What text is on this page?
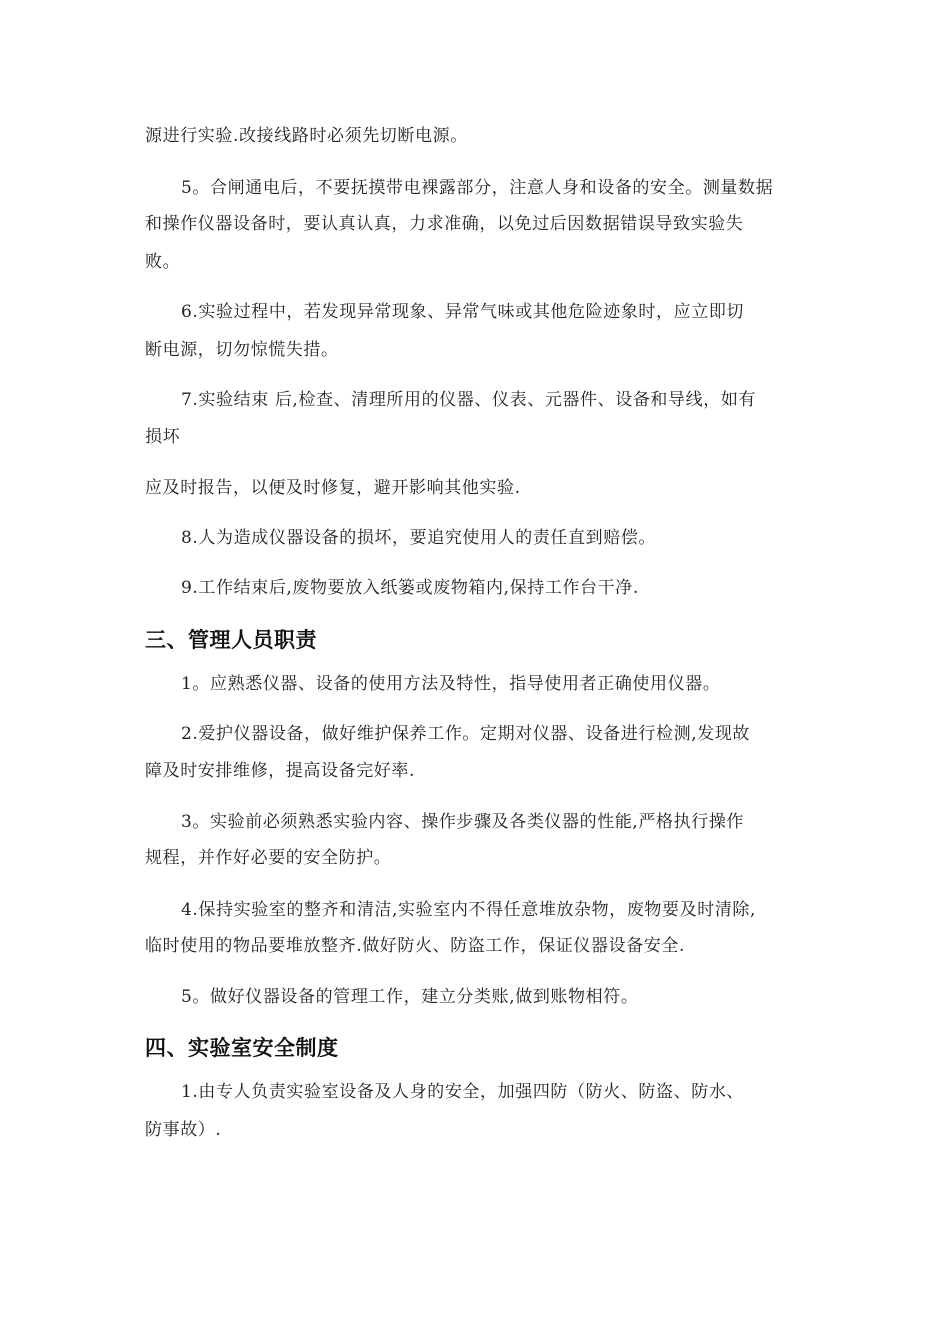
源进行实验.改接线路时必须先切断电源。
5。合闸通电后，不要抚摸带电裸露部分，注意人身和设备的安全。测量数据
和操作仪器设备时，要认真认真，力求准确，以免过后因数据错误导致实验失
败。
6.实验过程中，若发现异常现象、异常气味或其他危险迹象时，应立即切
断电源，切勿惊慌失措。
7.实验结束 后,检查、清理所用的仪器、仪表、元器件、设备和导线，如有
损坏
应及时报告，以便及时修复，避开影响其他实验.
8.人为造成仪器设备的损坏，要追究使用人的责任直到赔偿。
9.工作结束后,废物要放入纸篓或废物箱内,保持工作台干净.
三、管理人员职责
1。应熟悉仪器、设备的使用方法及特性，指导使用者正确使用仪器。
2.爱护仪器设备，做好维护保养工作。定期对仪器、设备进行检测,发现故
障及时安排维修，提高设备完好率.
3。实验前必须熟悉实验内容、操作步骤及各类仪器的性能,严格执行操作
规程，并作好必要的安全防护。
4.保持实验室的整齐和清洁,实验室内不得任意堆放杂物，废物要及时清除,
临时使用的物品要堆放整齐.做好防火、防盗工作，保证仪器设备安全.
5。做好仪器设备的管理工作，建立分类账,做到账物相符。
四、实验室安全制度
1.由专人负责实验室设备及人身的安全，加强四防（防火、防盗、防水、
防事故）.
